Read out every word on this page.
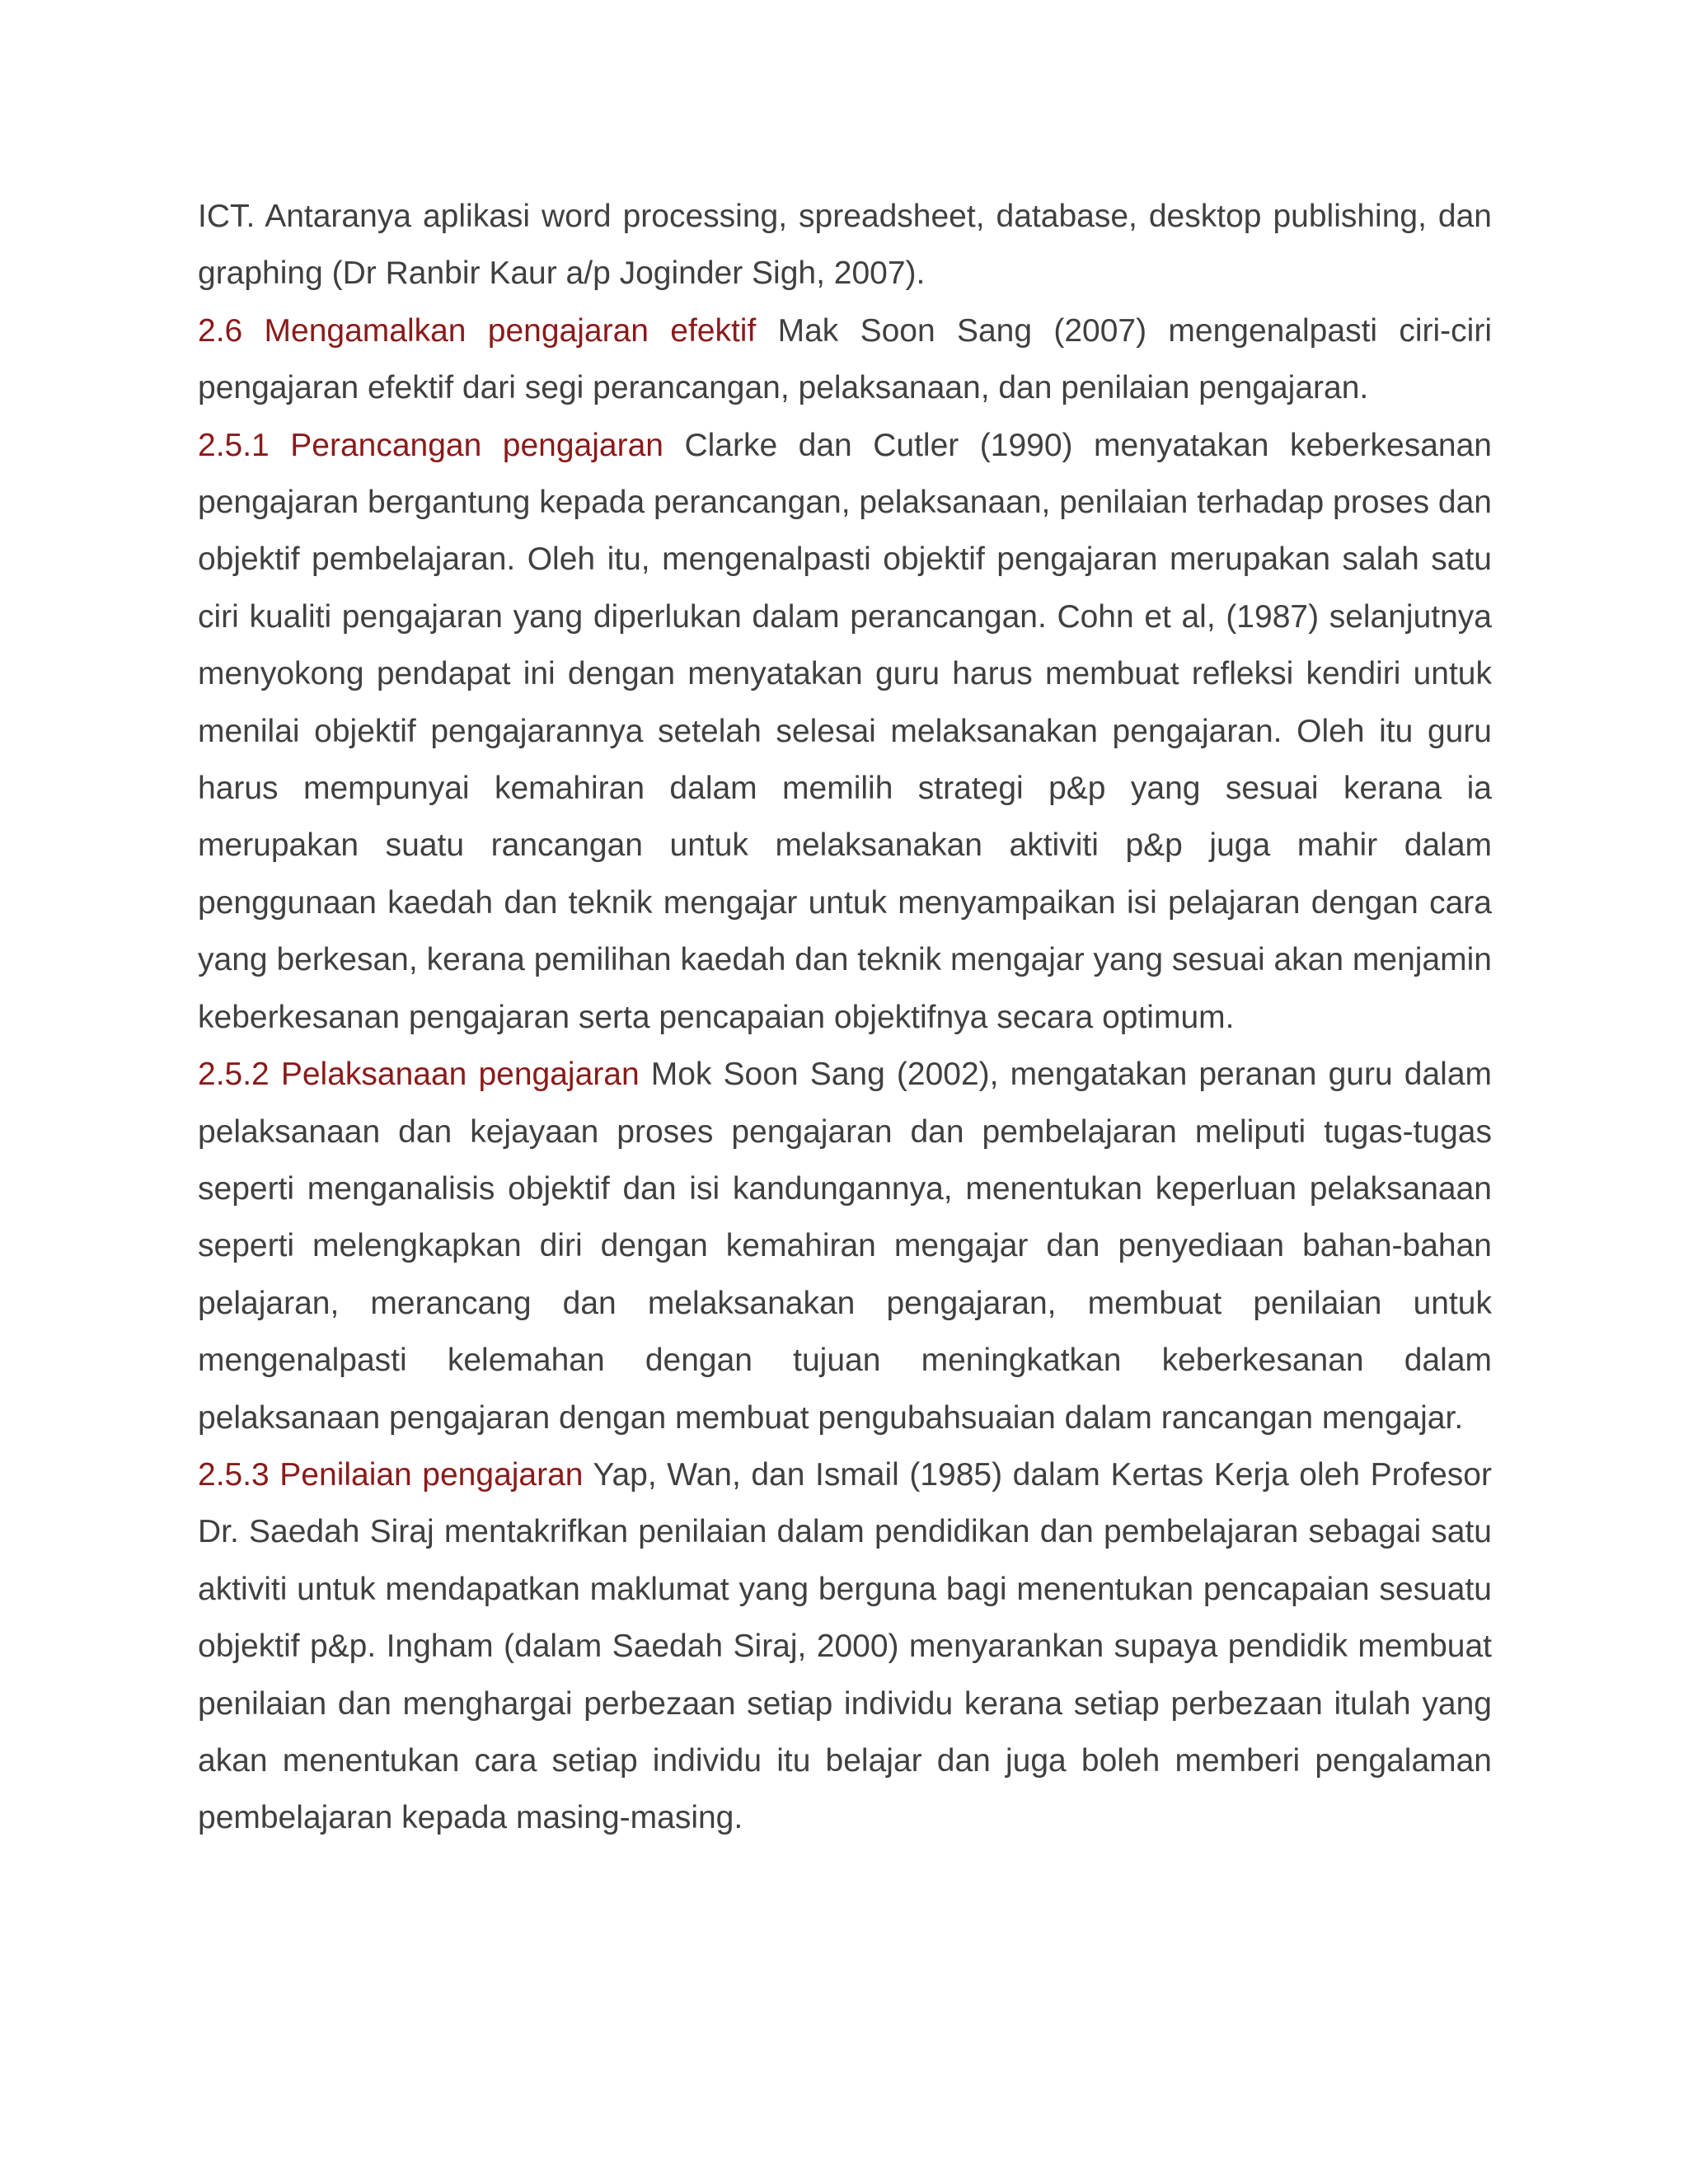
ICT. Antaranya aplikasi word processing, spreadsheet, database, desktop publishing, dan graphing (Dr Ranbir Kaur a/p Joginder Sigh, 2007).

2.6 Mengamalkan pengajaran efektif Mak Soon Sang (2007) mengenalpasti ciri-ciri pengajaran efektif dari segi perancangan, pelaksanaan, dan penilaian pengajaran.

2.5.1 Perancangan pengajaran Clarke dan Cutler (1990) menyatakan keberkesanan pengajaran bergantung kepada perancangan, pelaksanaan, penilaian terhadap proses dan objektif pembelajaran. Oleh itu, mengenalpasti objektif pengajaran merupakan salah satu ciri kualiti pengajaran yang diperlukan dalam perancangan. Cohn et al, (1987) selanjutnya menyokong pendapat ini dengan menyatakan guru harus membuat refleksi kendiri untuk menilai objektif pengajarannya setelah selesai melaksanakan pengajaran. Oleh itu guru harus mempunyai kemahiran dalam memilih strategi p&p yang sesuai kerana ia merupakan suatu rancangan untuk melaksanakan aktiviti p&p juga mahir dalam penggunaan kaedah dan teknik mengajar untuk menyampaikan isi pelajaran dengan cara yang berkesan, kerana pemilihan kaedah dan teknik mengajar yang sesuai akan menjamin keberkesanan pengajaran serta pencapaian objektifnya secara optimum.

2.5.2 Pelaksanaan pengajaran Mok Soon Sang (2002), mengatakan peranan guru dalam pelaksanaan dan kejayaan proses pengajaran dan pembelajaran meliputi tugas-tugas seperti menganalisis objektif dan isi kandungannya, menentukan keperluan pelaksanaan seperti melengkapkan diri dengan kemahiran mengajar dan penyediaan bahan-bahan pelajaran, merancang dan melaksanakan pengajaran, membuat penilaian untuk mengenalpasti kelemahan dengan tujuan meningkatkan keberkesanan dalam pelaksanaan pengajaran dengan membuat pengubahsuaian dalam rancangan mengajar.

2.5.3 Penilaian pengajaran Yap, Wan, dan Ismail (1985) dalam Kertas Kerja oleh Profesor Dr. Saedah Siraj mentakrifkan penilaian dalam pendidikan dan pembelajaran sebagai satu aktiviti untuk mendapatkan maklumat yang berguna bagi menentukan pencapaian sesuatu objektif p&p. Ingham (dalam Saedah Siraj, 2000) menyarankan supaya pendidik membuat penilaian dan menghargai perbezaan setiap individu kerana setiap perbezaan itulah yang akan menentukan cara setiap individu itu belajar dan juga boleh memberi pengalaman pembelajaran kepada masing-masing.
